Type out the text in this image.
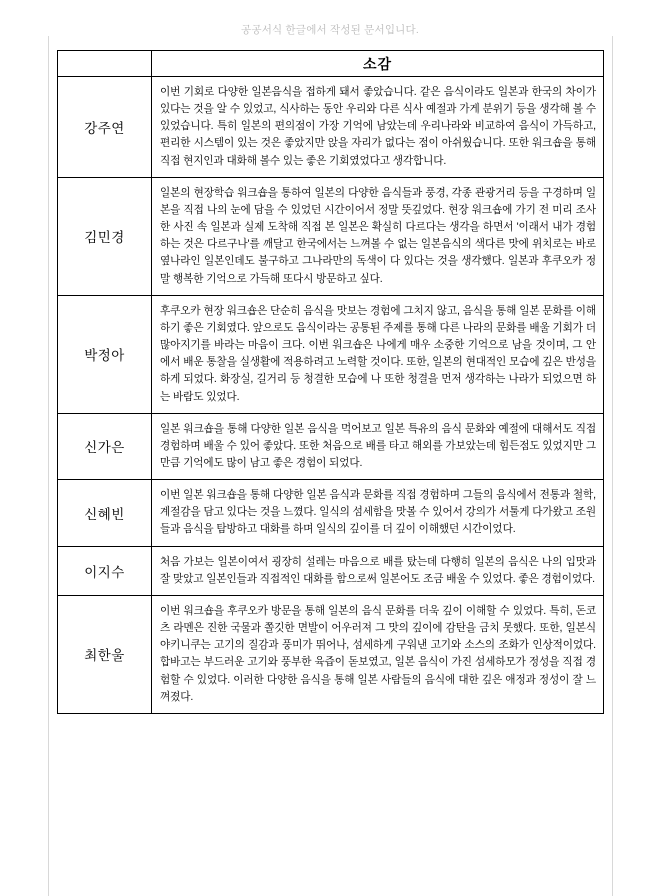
공공서식 한글에서 작성된 문서입니다.
	소감
강주연	이번 기회로 다양한 일본음식을 접하게 돼서 좋았습니다. 같은 음식이라도 일본과 한국의 차이가 있다는 것을 알 수 있었고, 식사하는 동안 우리와 다른 식사 예절과 가게 분위기 등을 생각해 볼 수 있었습니다. 특히 일본의 편의점이 가장 기억에 남았는데 우리나라와 비교하여 음식이 가득하고, 편리한 시스템이 있는 것은 좋았지만 앉을 자리가 없다는 점이 아쉬웠습니다. 또한 워크숍을 통해 직접 현지인과 대화해 볼수 있는 좋은 기회였었다고 생각합니다.
김민경	일본의 현장학습 워크숍을 통하여 일본의 다양한 음식들과 풍경, 각종 관광거리 등을 구경하며 일본을 직접 나의 눈에 담을 수 있었던 시간이어서 정말 뜻깊었다. 현장 워크숍에 가기 전 미리 조사한 사진 속 일본과 실제 도착해 직접 본 일본은 확실히 다르다는 생각을 하면서 '이래서 내가 경험하는 것은 다르구나'를 깨달고 한국에서는 느껴볼 수 없는 일본음식의 색다른 맛에 위치로는 바로 옆나라인 일본인데도 불구하고 그나라만의 독색이 다 있다는 것을 생각했다. 일본과 후쿠오카 정말 행복한 기억으로 가득해 또다시 방문하고 싶다.
박정아	후쿠오카 현장 워크숍은 단순히 음식을 맛보는 경험에 그치지 않고, 음식을 통해 일본 문화를 이해하기 좋은 기회였다. 앞으로도 음식이라는 공통된 주제를 통해 다른 나라의 문화를 배울 기회가 더 많아지기를 바라는 마음이 크다. 이번 워크숍은 나에게 매우 소중한 기억으로 남을 것이며, 그 안에서 배운 통찰을 실생활에 적용하려고 노력할 것이다. 또한, 일본의 현대적인 모습에 깊은 반성을 하게 되었다. 화장실, 길거리 등 청결한 모습에 나 또한 청결을 먼저 생각하는 나라가 되었으면 하는 바람도 있었다.
신가은	일본 워크숍을 통해 다양한 일본 음식을 먹어보고 일본 특유의 음식 문화와 예절에 대해서도 직접 경험하며 배울 수 있어 좋았다. 또한 처음으로 배를 타고 해외를 가보았는데 힘든점도 있었지만 그만큼 기억에도 많이 남고 좋은 경험이 되었다.
신혜빈	이번 일본 워크숍을 통해 다양한 일본 음식과 문화를 직접 경험하며 그들의 음식에서 전통과 철학, 계절감을 담고 있다는 것을 느꼈다. 일식의 섬세함을 맛볼 수 있어서 강의가 서툴게 다가왔고 조원들과 음식을 탐방하고 대화를 하며 일식의 깊이를 더 깊이 이해했던 시간이었다.
이지수	처음 가보는 일본이여서 굉장히 설레는 마음으로 배를 탔는데 다행히 일본의 음식은 나의 입맛과 잘 맞았고 일본인들과 직접적인 대화를 함으로써 일본어도 조금 배울 수 있었다. 좋은 경험이었다.
최한울	이번 워크숍을 후쿠오카 방문을 통해 일본의 음식 문화를 더욱 깊이 이해할 수 있었다. 특히, 돈코츠 라멘은 진한 국물과 쫄깃한 면발이 어우러져 그 맛의 깊이에 감탄을 금치 못했다. 또한, 일본식 야키니쿠는 고기의 질감과 풍미가 뛰어나, 섬세하게 구워낸 고기와 소스의 조화가 인상적이었다. 합바고는 부드러운 고기와 풍부한 육즙이 돋보였고, 일본 음식이 가진 섬세하모가 정성을 직접 경험할 수 있었다. 이러한 다양한 음식을 통해 일본 사람들의 음식에 대한 깊은 애정과 정성이 잘 느껴졌다.
